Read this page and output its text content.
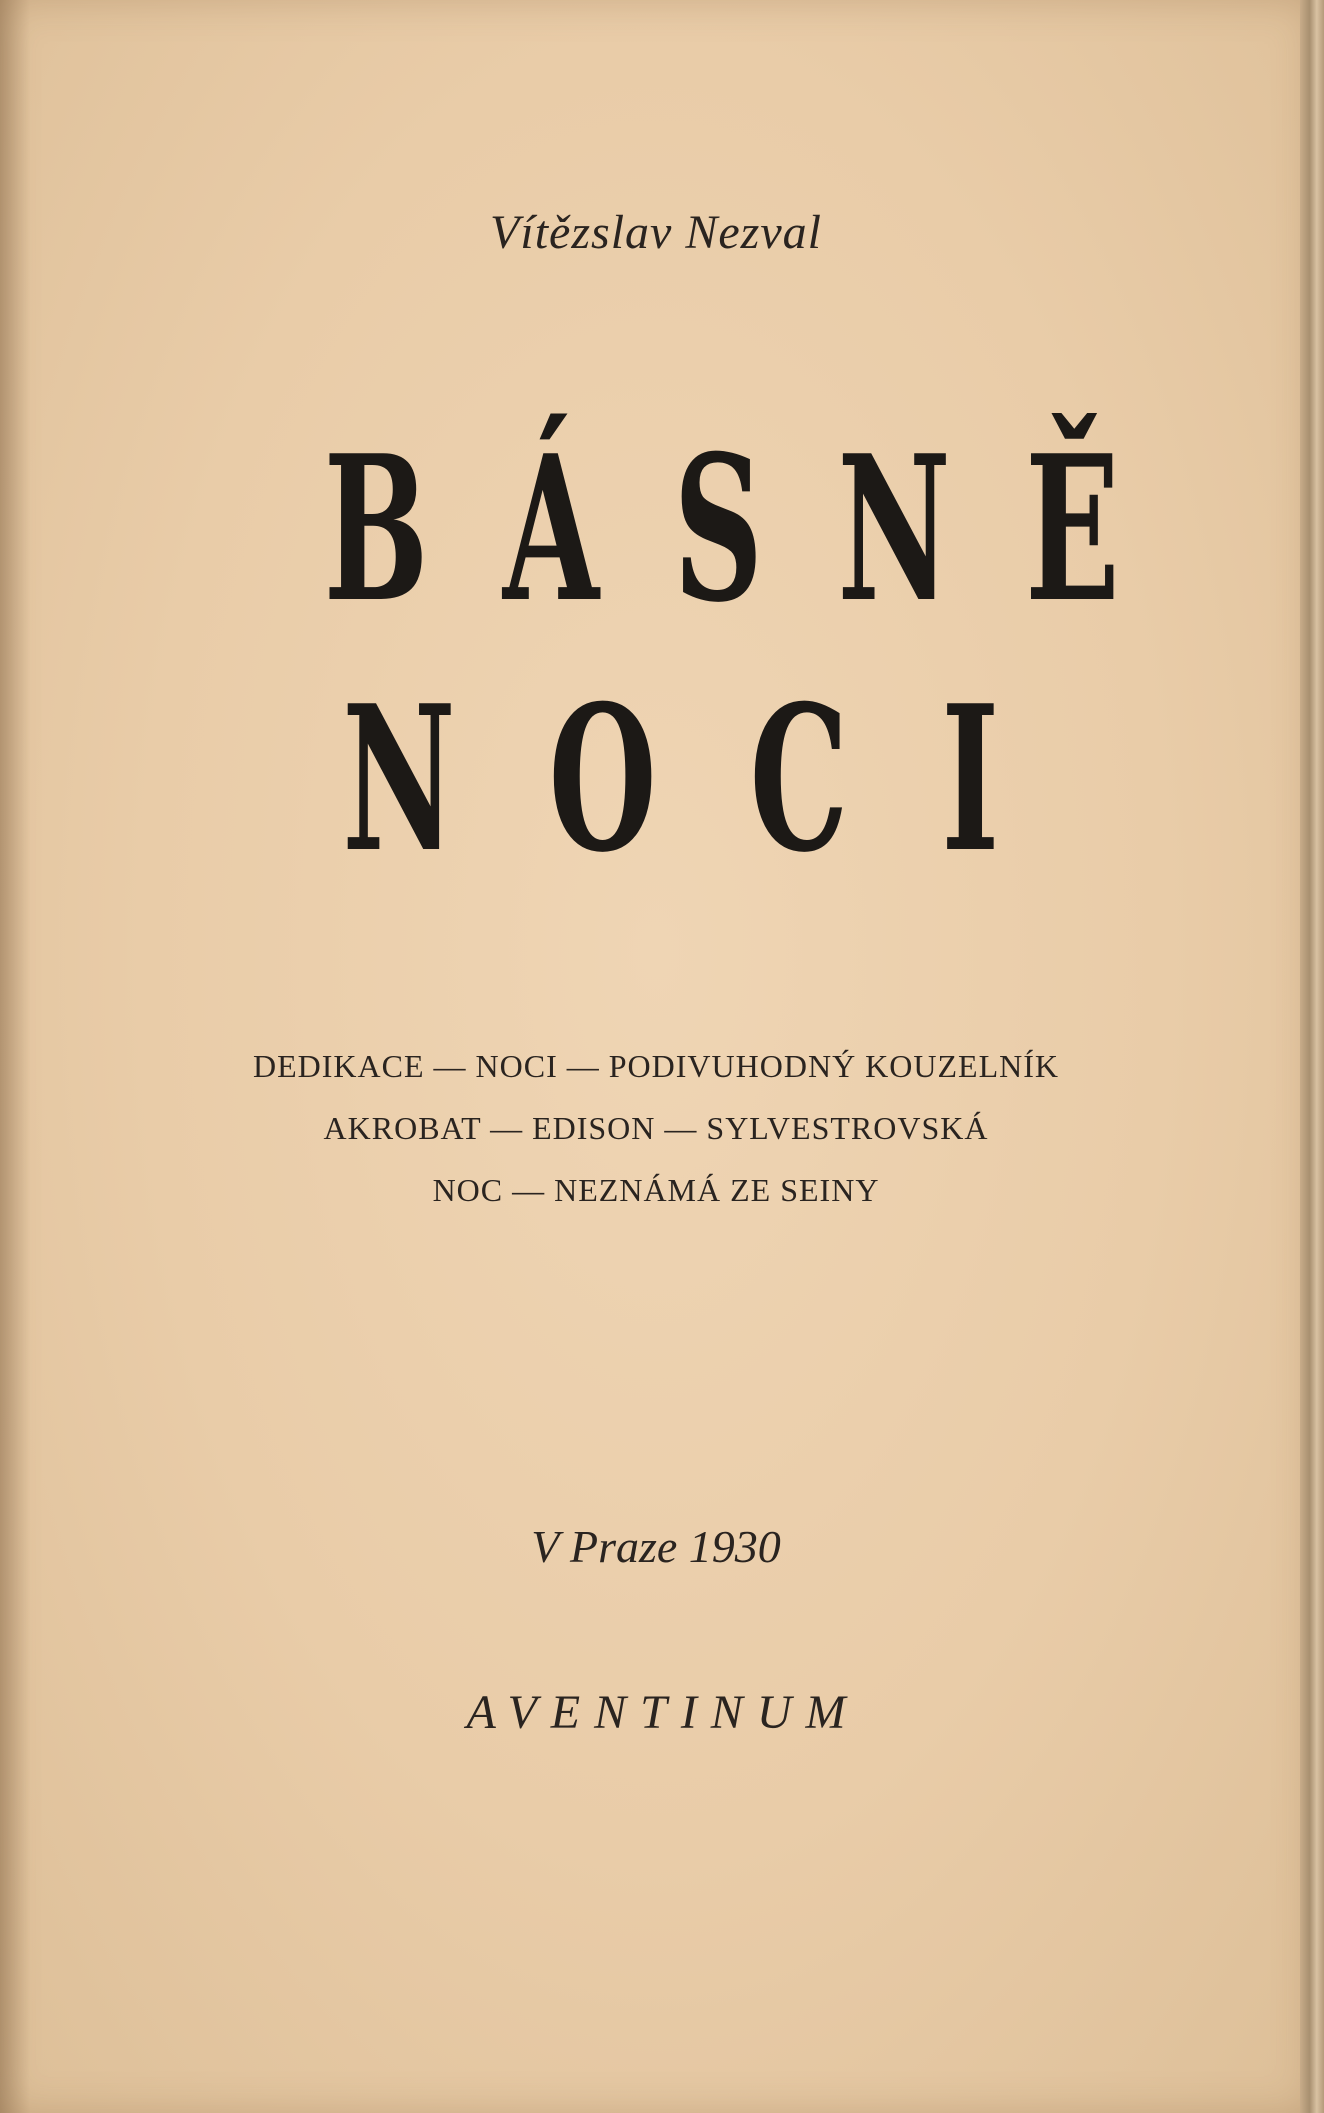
Vítězslav Nezval
BÁSNĚ
NOCI
DEDIKACE — NOCI — PODIVUHODNÝ KOUZELNÍK
AKROBAT — EDISON — SYLVESTROVSKÁ
NOC — NEZNÁMÁ ZE SEINY
V Praze 1930
AVENTINUM
